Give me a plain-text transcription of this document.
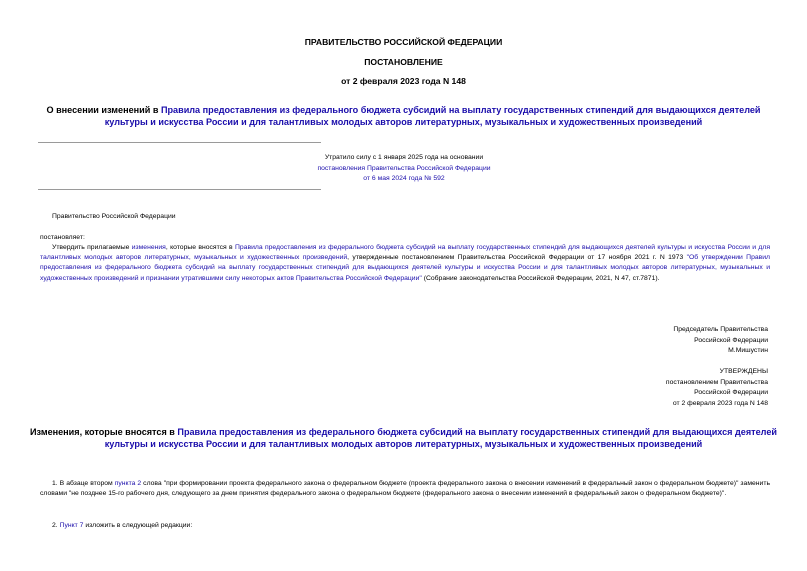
ПРАВИТЕЛЬСТВО РОССИЙСКОЙ ФЕДЕРАЦИИ
ПОСТАНОВЛЕНИЕ
от 2 февраля 2023 года N 148
О внесении изменений в Правила предоставления из федерального бюджета субсидий на выплату государственных стипендий для выдающихся деятелей культуры и искусства России и для талантливых молодых авторов литературных, музыкальных и художественных произведений
Утратило силу с 1 января 2025 года на основании
постановления Правительства Российской Федерации
от 6 мая 2024 года № 592
Правительство Российской Федерации
постановляет:
Утвердить прилагаемые изменения, которые вносятся в Правила предоставления из федерального бюджета субсидий на выплату государственных стипендий для выдающихся деятелей культуры и искусства России и для талантливых молодых авторов литературных, музыкальных и художественных произведений, утвержденные постановлением Правительства Российской Федерации от 17 ноября 2021 г. N 1973 "Об утверждении Правил предоставления из федерального бюджета субсидий на выплату государственных стипендий для выдающихся деятелей культуры и искусства России и для талантливых молодых авторов литературных, музыкальных и художественных произведений и признании утратившими силу некоторых актов Правительства Российской Федерации" (Собрание законодательства Российской Федерации, 2021, N 47, ст.7871).
Председатель Правительства
Российской Федерации
М.Мишустин
УТВЕРЖДЕНЫ
постановлением Правительства
Российской Федерации
от 2 февраля 2023 года N 148
Изменения, которые вносятся в Правила предоставления из федерального бюджета субсидий на выплату государственных стипендий для выдающихся деятелей культуры и искусства России и для талантливых молодых авторов литературных, музыкальных и художественных произведений
1. В абзаце втором пункта 2 слова "при формировании проекта федерального закона о федеральном бюджете (проекта федерального закона о внесении изменений в федеральный закон о федеральном бюджете)" заменить словами "не позднее 15-го рабочего дня, следующего за днем принятия федерального закона о федеральном бюджете (федерального закона о внесении изменений в федеральный закон о федеральном бюджете)".
2. Пункт 7 изложить в следующей редакции:
